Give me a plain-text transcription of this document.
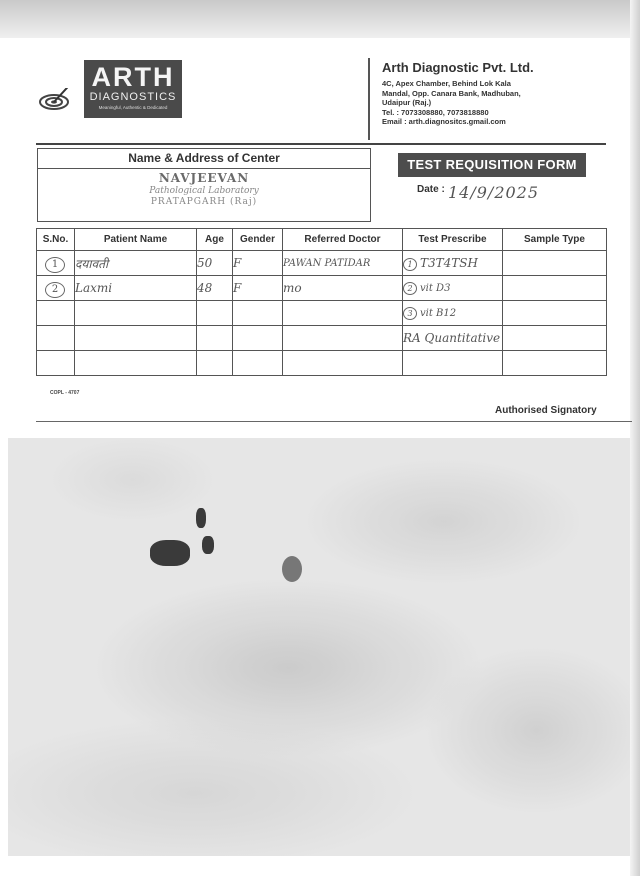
ARTH
DIAGNOSTICS
Meaningful, Authentic & Dedicated
Arth Diagnostic Pvt. Ltd.
4C, Apex Chamber, Behind Lok Kala
Mandal, Opp. Canara Bank, Madhuban,
Udaipur (Raj.)
Tel. : 7073308880, 7073818880
Email : arth.diagnositcs.gmail.com
Name & Address of Center
NAVJEEVAN
Pathological Laboratory
PRATAPGARH (Raj)
TEST REQUISITION FORM
Date : 14/9/2025
S.No.	Patient Name	Age	Gender	Referred Doctor	Test Prescribe	Sample Type
1	दयावती	50	F	PAWAN PATIDAR	1 T3T4TSH	
2	Laxmi	48	F	mo	2 vit D3	
					3 vit B12	
					RA Quantitative	

COPL - 4707
Authorised Signatory
